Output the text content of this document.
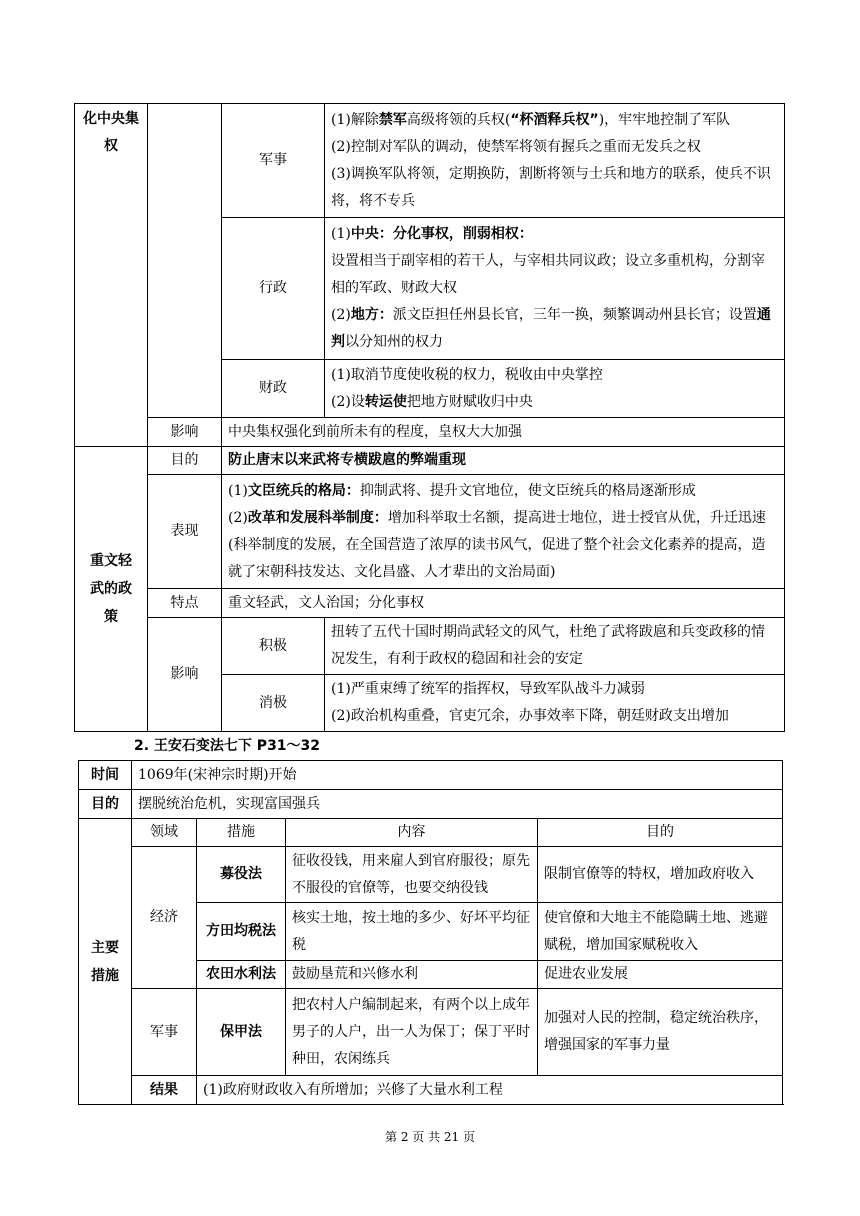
化中央集权		军事	(1)解除禁军高级将领的兵权(“杯酒释兵权”)，牢牢地控制了军队
(2)控制对军队的调动，使禁军将领有握兵之重而无发兵之权
(3)调换军队将领，定期换防，割断将领与士兵和地方的联系，使兵不识将，将不专兵

		行政	(1)中央：分化事权，削弱相权：
设置相当于副宰相的若干人，与宰相共同议政；设立多重机构，分割宰相的军政、财政大权
(2)地方：派文臣担任州县长官，三年一换，频繁调动州县长官；设置通判以分知州的权力

		财政	(1)取消节度使收税的权力，税收由中央掌控
(2)设转运使把地方财赋收归中央

	影响	中央集权强化到前所未有的程度，皇权大大加强	
重文轻武的政策	目的	防止唐末以来武将专横跋扈的弊端重现	
	表现	(1)文臣统兵的格局：抑制武将、提升文官地位，使文臣统兵的格局逐渐形成
(2)改革和发展科举制度：增加科举取士名额，提高进士地位，进士授官从优，升迁迅速(科举制度的发展，在全国营造了浓厚的读书风气，促进了整个社会文化素养的提高，造就了宋朝科技发达、文化昌盛、人才辈出的文治局面)	

	特点	重文轻武，文人治国；分化事权	
	影响	积极	扭转了五代十国时期尚武轻文的风气，杜绝了武将跋扈和兵变政移的情况发生，有利于政权的稳固和社会的安定
		消极	(1)严重束缚了统军的指挥权，导致军队战斗力减弱
(2)政治机构重叠，官吏冗余，办事效率下降，朝廷财政支出增加
2. 王安石变法七下 P31～32
时间	1069年(宋神宗时期)开始			
目的	摆脱统治危机，实现富国强兵			
主要措施	领域	措施	内容	目的
	经济	募役法	征收役钱，用来雇人到官府服役；原先不服役的官僚等，也要交纳役钱	限制官僚等的特权，增加政府收入
		方田均税法	核实土地，按土地的多少、好坏平均征税	使官僚和大地主不能隐瞒土地、逃避赋税，增加国家赋税收入
		农田水利法	鼓励垦荒和兴修水利	促进农业发展
	军事	保甲法	把农村人户编制起来，有两个以上成年男子的人户，出一人为保丁；保丁平时种田，农闲练兵	加强对人民的控制，稳定统治秩序，增强国家的军事力量
	结果	(1)政府财政收入有所增加；兴修了大量水利工程		
第 2 页 共 21 页
